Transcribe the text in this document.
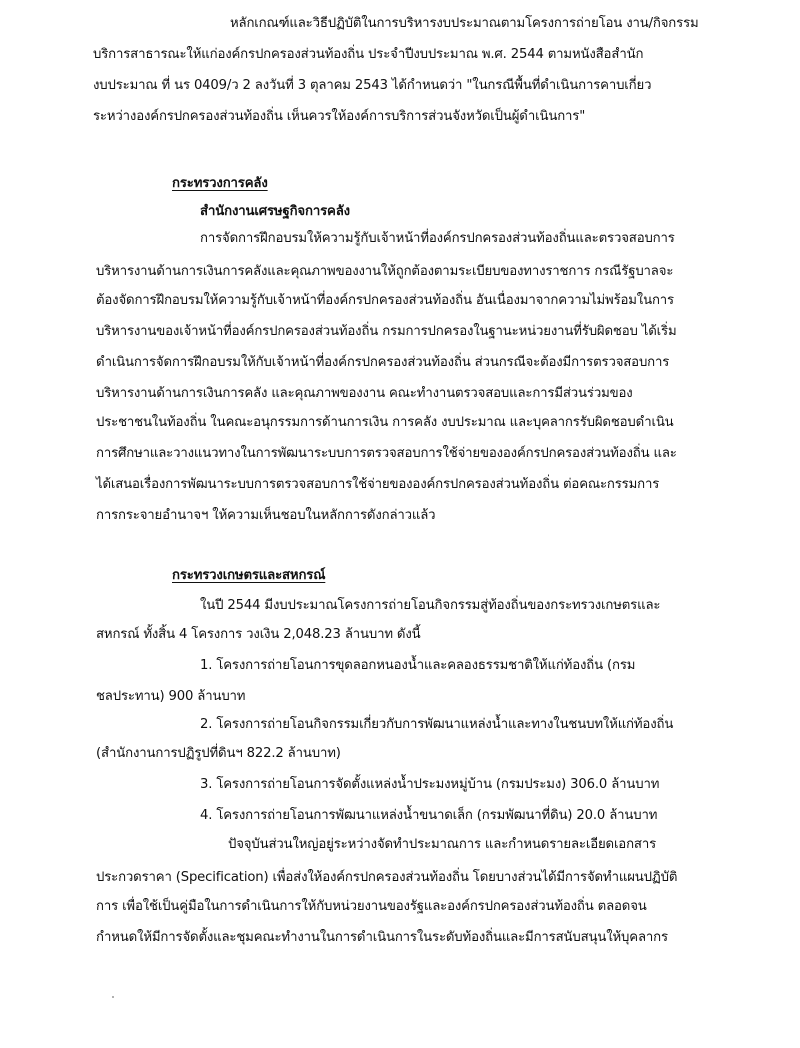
หลักเกณฑ์และวิธีปฏิบัติในการบริหารงบประมาณตามโครงการถ่ายโอน งาน/กิจกรรม
บริการสาธารณะให้แก่องค์กรปกครองส่วนท้องถิ่น ประจำปีงบประมาณ พ.ศ. 2544 ตามหนังสือสำนัก
งบประมาณ ที่ นร 0409/ว 2 ลงวันที่ 3 ตุลาคม 2543 ได้กำหนดว่า "ในกรณีพื้นที่ดำเนินการคาบเกี่ยว
ระหว่างองค์กรปกครองส่วนท้องถิ่น เห็นควรให้องค์การบริการส่วนจังหวัดเป็นผู้ดำเนินการ"
กระทรวงการคลัง
สำนักงานเศรษฐกิจการคลัง
การจัดการฝึกอบรมให้ความรู้กับเจ้าหน้าที่องค์กรปกครองส่วนท้องถิ่นและตรวจสอบการ
บริหารงานด้านการเงินการคลังและคุณภาพของงานให้ถูกต้องตามระเบียบของทางราชการ กรณีรัฐบาลจะ
ต้องจัดการฝึกอบรมให้ความรู้กับเจ้าหน้าที่องค์กรปกครองส่วนท้องถิ่น อันเนื่องมาจากความไม่พร้อมในการ
บริหารงานของเจ้าหน้าที่องค์กรปกครองส่วนท้องถิ่น กรมการปกครองในฐานะหน่วยงานที่รับผิดชอบ ได้เริ่ม
ดำเนินการจัดการฝึกอบรมให้กับเจ้าหน้าที่องค์กรปกครองส่วนท้องถิ่น ส่วนกรณีจะต้องมีการตรวจสอบการ
บริหารงานด้านการเงินการคลัง และคุณภาพของงาน คณะทำงานตรวจสอบและการมีส่วนร่วมของ
ประชาชนในท้องถิ่น ในคณะอนุกรรมการด้านการเงิน การคลัง งบประมาณ และบุคลากรรับผิดชอบดำเนิน
การศึกษาและวางแนวทางในการพัฒนาระบบการตรวจสอบการใช้จ่ายขององค์กรปกครองส่วนท้องถิ่น และ
ได้เสนอเรื่องการพัฒนาระบบการตรวจสอบการใช้จ่ายขององค์กรปกครองส่วนท้องถิ่น ต่อคณะกรรมการ
การกระจายอำนาจฯ ให้ความเห็นชอบในหลักการดังกล่าวแล้ว
กระทรวงเกษตรและสหกรณ์
ในปี 2544 มีงบประมาณโครงการถ่ายโอนกิจกรรมสู่ท้องถิ่นของกระทรวงเกษตรและ
สหกรณ์ ทั้งสิ้น 4 โครงการ วงเงิน 2,048.23 ล้านบาท ดังนี้
1. โครงการถ่ายโอนการขุดลอกหนองน้ำและคลองธรรมชาติให้แก่ท้องถิ่น (กรม
ชลประทาน) 900 ล้านบาท
2. โครงการถ่ายโอนกิจกรรมเกี่ยวกับการพัฒนาแหล่งน้ำและทางในชนบทให้แก่ท้องถิ่น
(สำนักงานการปฏิรูปที่ดินฯ 822.2 ล้านบาท)
3. โครงการถ่ายโอนการจัดตั้งแหล่งน้ำประมงหมู่บ้าน (กรมประมง) 306.0 ล้านบาท
4. โครงการถ่ายโอนการพัฒนาแหล่งน้ำขนาดเล็ก (กรมพัฒนาที่ดิน) 20.0 ล้านบาท
ปัจจุบันส่วนใหญ่อยู่ระหว่างจัดทำประมาณการ และกำหนดรายละเอียดเอกสาร
ประกวดราคา (Specification) เพื่อส่งให้องค์กรปกครองส่วนท้องถิ่น โดยบางส่วนได้มีการจัดทำแผนปฏิบัติ
การ เพื่อใช้เป็นคู่มือในการดำเนินการให้กับหน่วยงานของรัฐและองค์กรปกครองส่วนท้องถิ่น ตลอดจน
กำหนดให้มีการจัดตั้งและชุมคณะทำงานในการดำเนินการในระดับท้องถิ่นและมีการสนับสนุนให้บุคลากร
